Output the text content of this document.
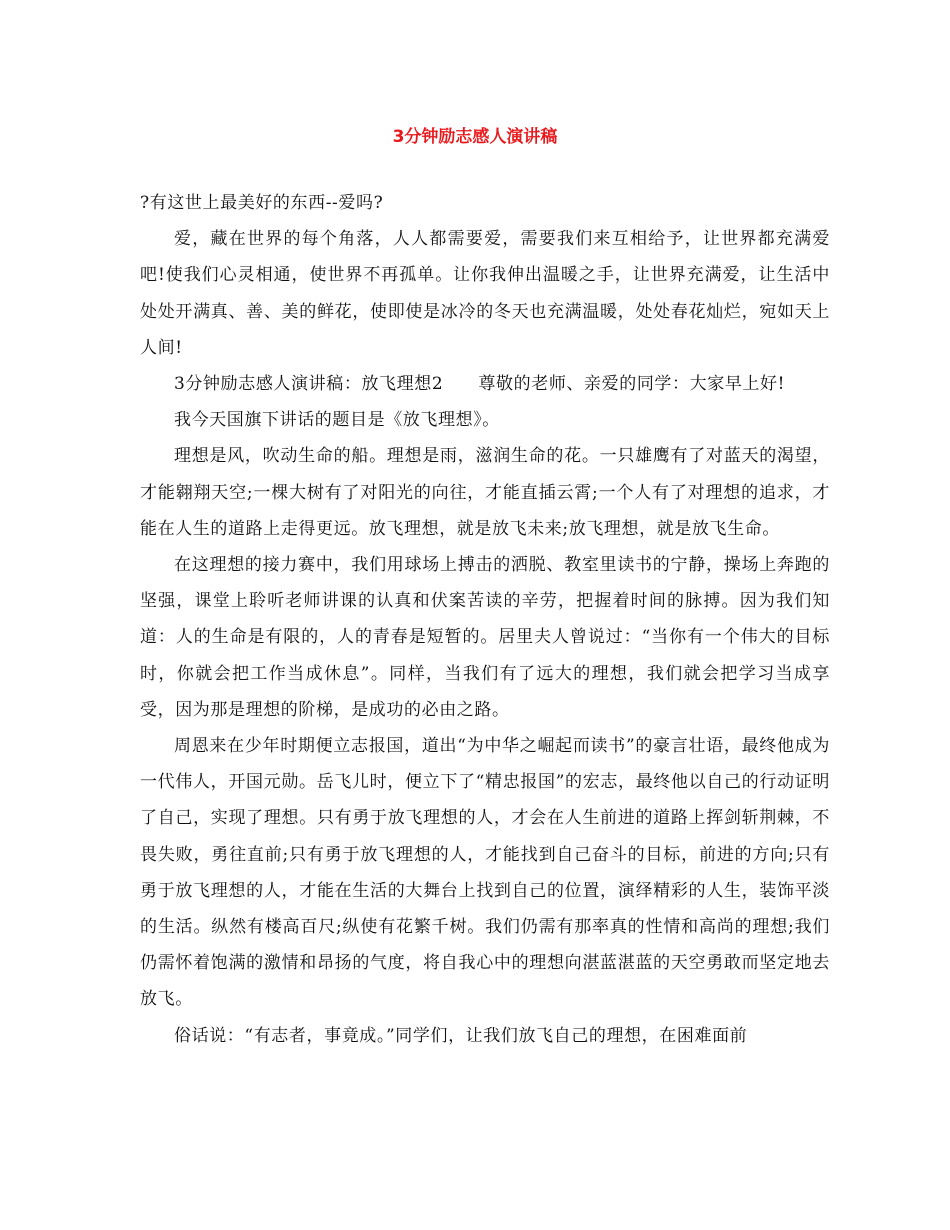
3分钟励志感人演讲稿

?有这世上最美好的东西--爱吗?

爱，藏在世界的每个角落，人人都需要爱，需要我们来互相给予，让世界都充满爱吧!使我们心灵相通，使世界不再孤单。让你我伸出温暖之手，让世界充满爱，让生活中处处开满真、善、美的鲜花，使即使是冰冷的冬天也充满温暖，处处春花灿烂，宛如天上人间!

3分钟励志感人演讲稿：放飞理想2　　尊敬的老师、亲爱的同学：大家早上好!

我今天国旗下讲话的题目是《放飞理想》。

理想是风，吹动生命的船。理想是雨，滋润生命的花。一只雄鹰有了对蓝天的渴望，才能翱翔天空;一棵大树有了对阳光的向往，才能直插云霄;一个人有了对理想的追求，才能在人生的道路上走得更远。放飞理想，就是放飞未来;放飞理想，就是放飞生命。

在这理想的接力赛中，我们用球场上搏击的洒脱、教室里读书的宁静，操场上奔跑的坚强，课堂上聆听老师讲课的认真和伏案苦读的辛劳，把握着时间的脉搏。因为我们知道：人的生命是有限的，人的青春是短暂的。居里夫人曾说过：“当你有一个伟大的目标时，你就会把工作当成休息”。同样，当我们有了远大的理想，我们就会把学习当成享受，因为那是理想的阶梯，是成功的必由之路。

周恩来在少年时期便立志报国，道出“为中华之崛起而读书”的豪言壮语，最终他成为一代伟人，开国元勋。岳飞儿时，便立下了“精忠报国”的宏志，最终他以自己的行动证明了自己，实现了理想。只有勇于放飞理想的人，才会在人生前进的道路上挥剑斩荆棘，不畏失败，勇往直前;只有勇于放飞理想的人，才能找到自己奋斗的目标，前进的方向;只有勇于放飞理想的人，才能在生活的大舞台上找到自己的位置，演绎精彩的人生，装饰平淡的生活。纵然有楼高百尺;纵使有花繁千树。我们仍需有那率真的性情和高尚的理想;我们仍需怀着饱满的激情和昂扬的气度，将自我心中的理想向湛蓝湛蓝的天空勇敢而坚定地去放飞。

俗话说：“有志者，事竟成。”同学们，让我们放飞自己的理想，在困难面前
